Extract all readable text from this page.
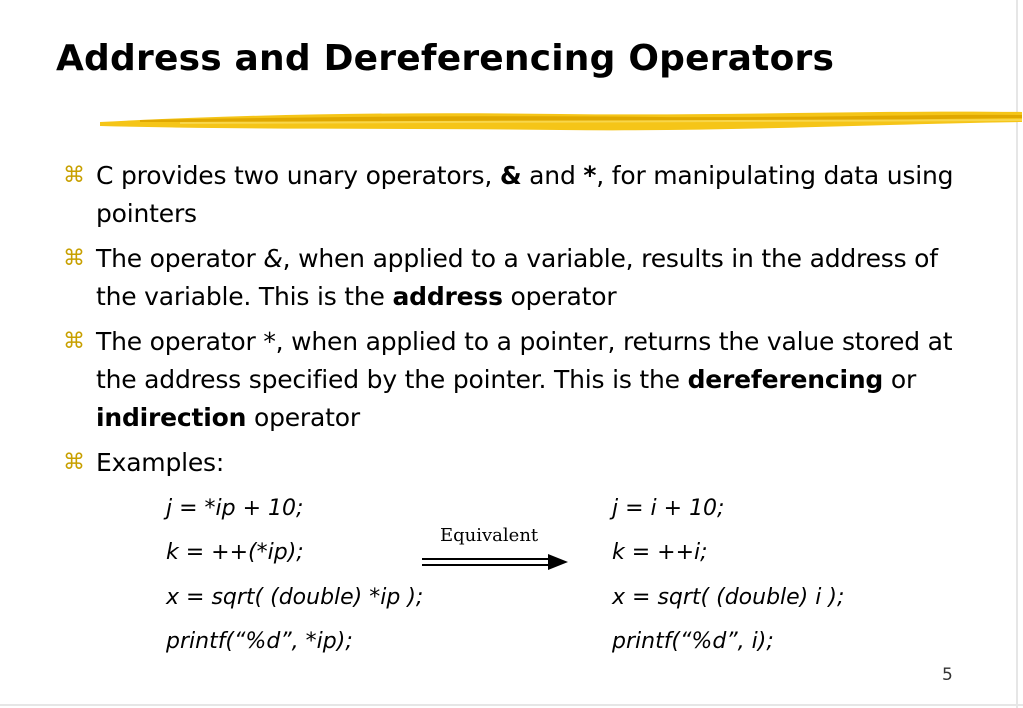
Address and Dereferencing Operators
⌘ C provides two unary operators, & and *, for manipulating data using pointers
⌘ The operator &, when applied to a variable, results in the address of the variable. This is the address operator
⌘ The operator *, when applied to a pointer, returns the value stored at the address specified by the pointer. This is the dereferencing or indirection operator
⌘ Examples:
j = *ip + 10;
k = ++(*ip);
x = sqrt( (double) *ip );
printf(“%d”, *ip);
j = i + 10;
k = ++i;
x = sqrt( (double) i );
printf(“%d”, i);
Equivalent
5
